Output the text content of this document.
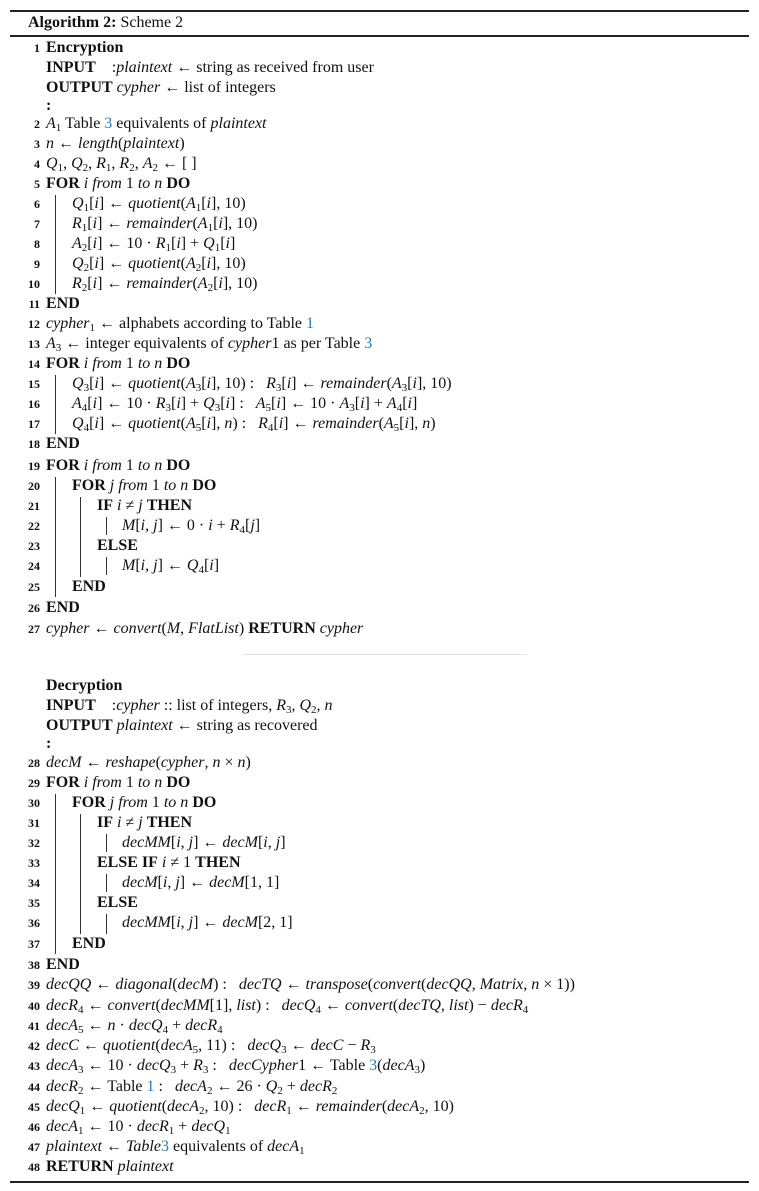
Algorithm 2: Scheme 2
1 Encryption
INPUT :plaintext ← string as received from user
OUTPUT cypher ← list of integers
:
2 $A_1$ Table 3 equivalents of plaintext
3 n ← length(plaintext)
4 $Q_1$, $Q_2$, $R_1$, $R_2$, $A_2$ ← [ ]
5 FOR i from 1 to n DO
6 $Q_1[i]$ ← $quotient(A_1[i]$, 10)
7 $R_1[i]$ ← $remainder(A_1[i]$, 10)
8 $A_2[i]$ ← $10 \cdot R_1[i] + Q_1[i]$
9 $Q_2[i]$ ← $quotient(A_2[i]$, 10)
10 $R_2[i]$ ← $remainder(A_2[i]$, 10)
11 END
12 cypher$_1$ ← alphabets according to Table 1
13 $A_3$ ← integer equivalents of cypher1 as per Table 3
14 FOR i from 1 to n DO
15 $Q_3[i]$ ← $quotient(A_3[i]$, 10) :   $R_3[i]$ ← $remainder(A_3[i]$, 10)
16 $A_4[i]$ ← $10 \cdot R_3[i] + Q_3[i]$ :   $A_5[i]$ ← $10 \cdot A_3[i] + A_4[i]$
17 $Q_4[i]$ ← $quotient(A_5[i]$, n) :   $R_4[i]$ ← $remainder(A_5[i]$, n)
18 END
19 FOR i from 1 to n DO
20 FOR j from 1 to n DO
21	IF i ≠ j THEN
22	M[i, j] ← $0 \cdot i + R_4[j]$
23	ELSE
24	M[i, j] ← $Q_4[i]$
25 END
26 END
27 cypher ← convert(M, FlatList) RETURN cypher
Decryption
INPUT :cypher :: list of integers, $R_3$, $Q_2$, n
OUTPUT plaintext ← string as recovered
:
28 decM ← reshape(cypher, n × n)
29 FOR i from 1 to n DO
30 FOR j from 1 to n DO
31	IF i ≠ j THEN
32	decMM[i, j] ← decM[i, j]
33	ELSE IF i ≠ 1 THEN
34	decM[i, j] ← decM[1, 1]
35	ELSE
36	decMM[i, j] ← decM[2, 1]
37 END
38 END
39 decQQ ← diagonal(decM) :   decTQ ← transpose(convert(decQQ, Matrix, n × 1))
40 decR$_4$ ← convert(decMM[1], list) :   decQ$_4$ ← convert(decTQ, list) − decR$_4$
41 decA$_5$ ← n · decQ$_4$ + decR$_4$
42 decC ← quotient(decA$_5$, 11) :   decQ$_3$ ← decC − $R_3$
43 decA$_3$ ← 10 · decQ$_3$ + $R_3$ :   decCypher1 ← Table 3(decA$_3$)
44 decR$_2$ ← Table 1 :   decA$_2$ ← $26 \cdot Q_2$ + decR$_2$
45 decQ$_1$ ← quotient(decA$_2$, 10) :   decR$_1$ ← remainder(decA$_2$, 10)
46 decA$_1$ ← 10 · decR$_1$ + decQ$_1$
47 plaintext ← Table3 equivalents of decA$_1$
48 RETURN plaintext
